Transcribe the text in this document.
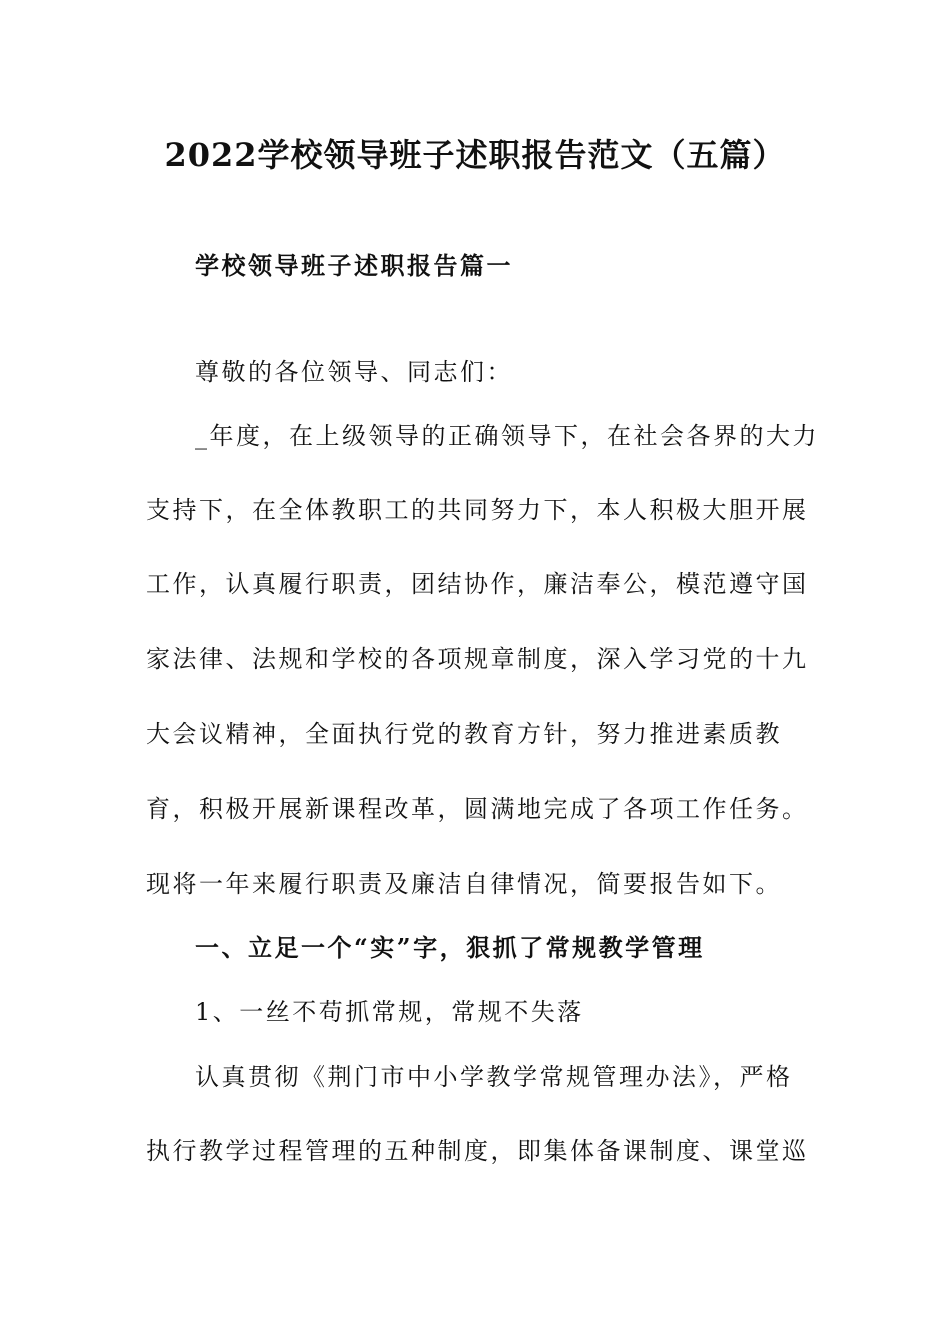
2022学校领导班子述职报告范文（五篇）
学校领导班子述职报告篇一
尊敬的各位领导、同志们：
_年度，在上级领导的正确领导下，在社会各界的大力
支持下，在全体教职工的共同努力下，本人积极大胆开展
工作，认真履行职责，团结协作，廉洁奉公，模范遵守国
家法律、法规和学校的各项规章制度，深入学习党的十九
大会议精神，全面执行党的教育方针，努力推进素质教
育，积极开展新课程改革，圆满地完成了各项工作任务。
现将一年来履行职责及廉洁自律情况，简要报告如下。
一、立足一个“实”字，狠抓了常规教学管理
1、一丝不苟抓常规，常规不失落
认真贯彻《荆门市中小学教学常规管理办法》，严格
执行教学过程管理的五种制度，即集体备课制度、课堂巡
